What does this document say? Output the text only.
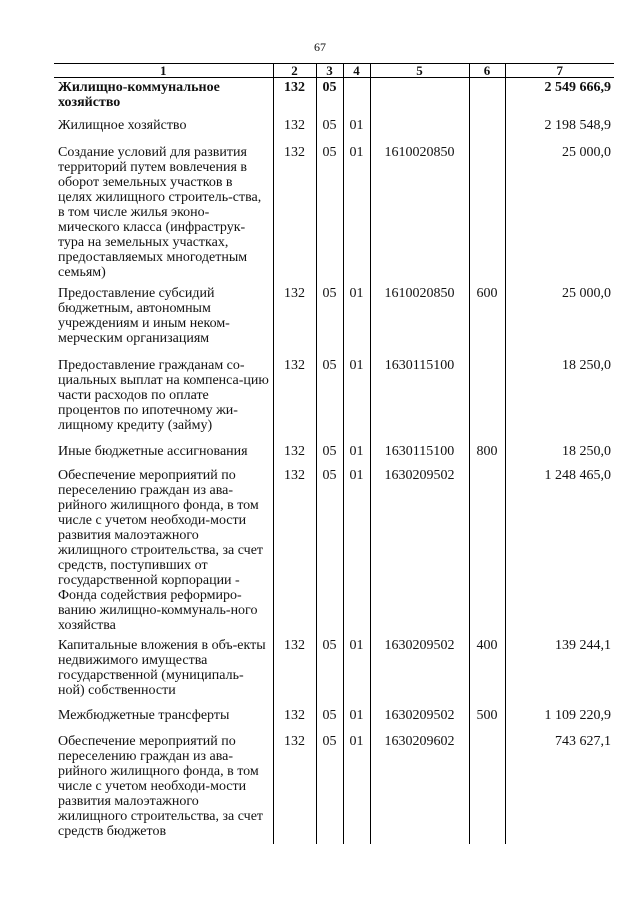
67
1	2	3	4	5	6	7
Жилищно-коммунальное хозяйство	132	05				2 549 666,9
Жилищное хозяйство	132	05	01			2 198 548,9
Создание условий для развития территорий путем вовлечения в оборот земельных участков в целях жилищного строитель-ства, в том числе жилья эконо-мического класса (инфраструк-тура на земельных участках, предоставляемых многодетным семьям)	132	05	01	1610020850		25 000,0
Предоставление субсидий бюджетным, автономным учреждениям и иным неком-мерческим организациям	132	05	01	1610020850	600	25 000,0
Предоставление гражданам со-циальных выплат на компенса-цию части расходов по оплате процентов по ипотечному жи-лищному кредиту (займу)	132	05	01	1630115100		18 250,0
Иные бюджетные ассигнования	132	05	01	1630115100	800	18 250,0
Обеспечение мероприятий по переселению граждан из ава-рийного жилищного фонда, в том числе с учетом необходи-мости развития малоэтажного жилищного строительства, за счет средств, поступивших от государственной корпорации - Фонда содействия реформиро-ванию жилищно-коммуналь-ного хозяйства	132	05	01	1630209502		1 248 465,0
Капитальные вложения в объ-екты недвижимого имущества государственной (муниципаль-ной) собственности	132	05	01	1630209502	400	139 244,1
Межбюджетные трансферты	132	05	01	1630209502	500	1 109 220,9
Обеспечение мероприятий по переселению граждан из ава-рийного жилищного фонда, в том числе с учетом необходи-мости развития малоэтажного жилищного строительства, за счет средств бюджетов	132	05	01	1630209602		743 627,1
